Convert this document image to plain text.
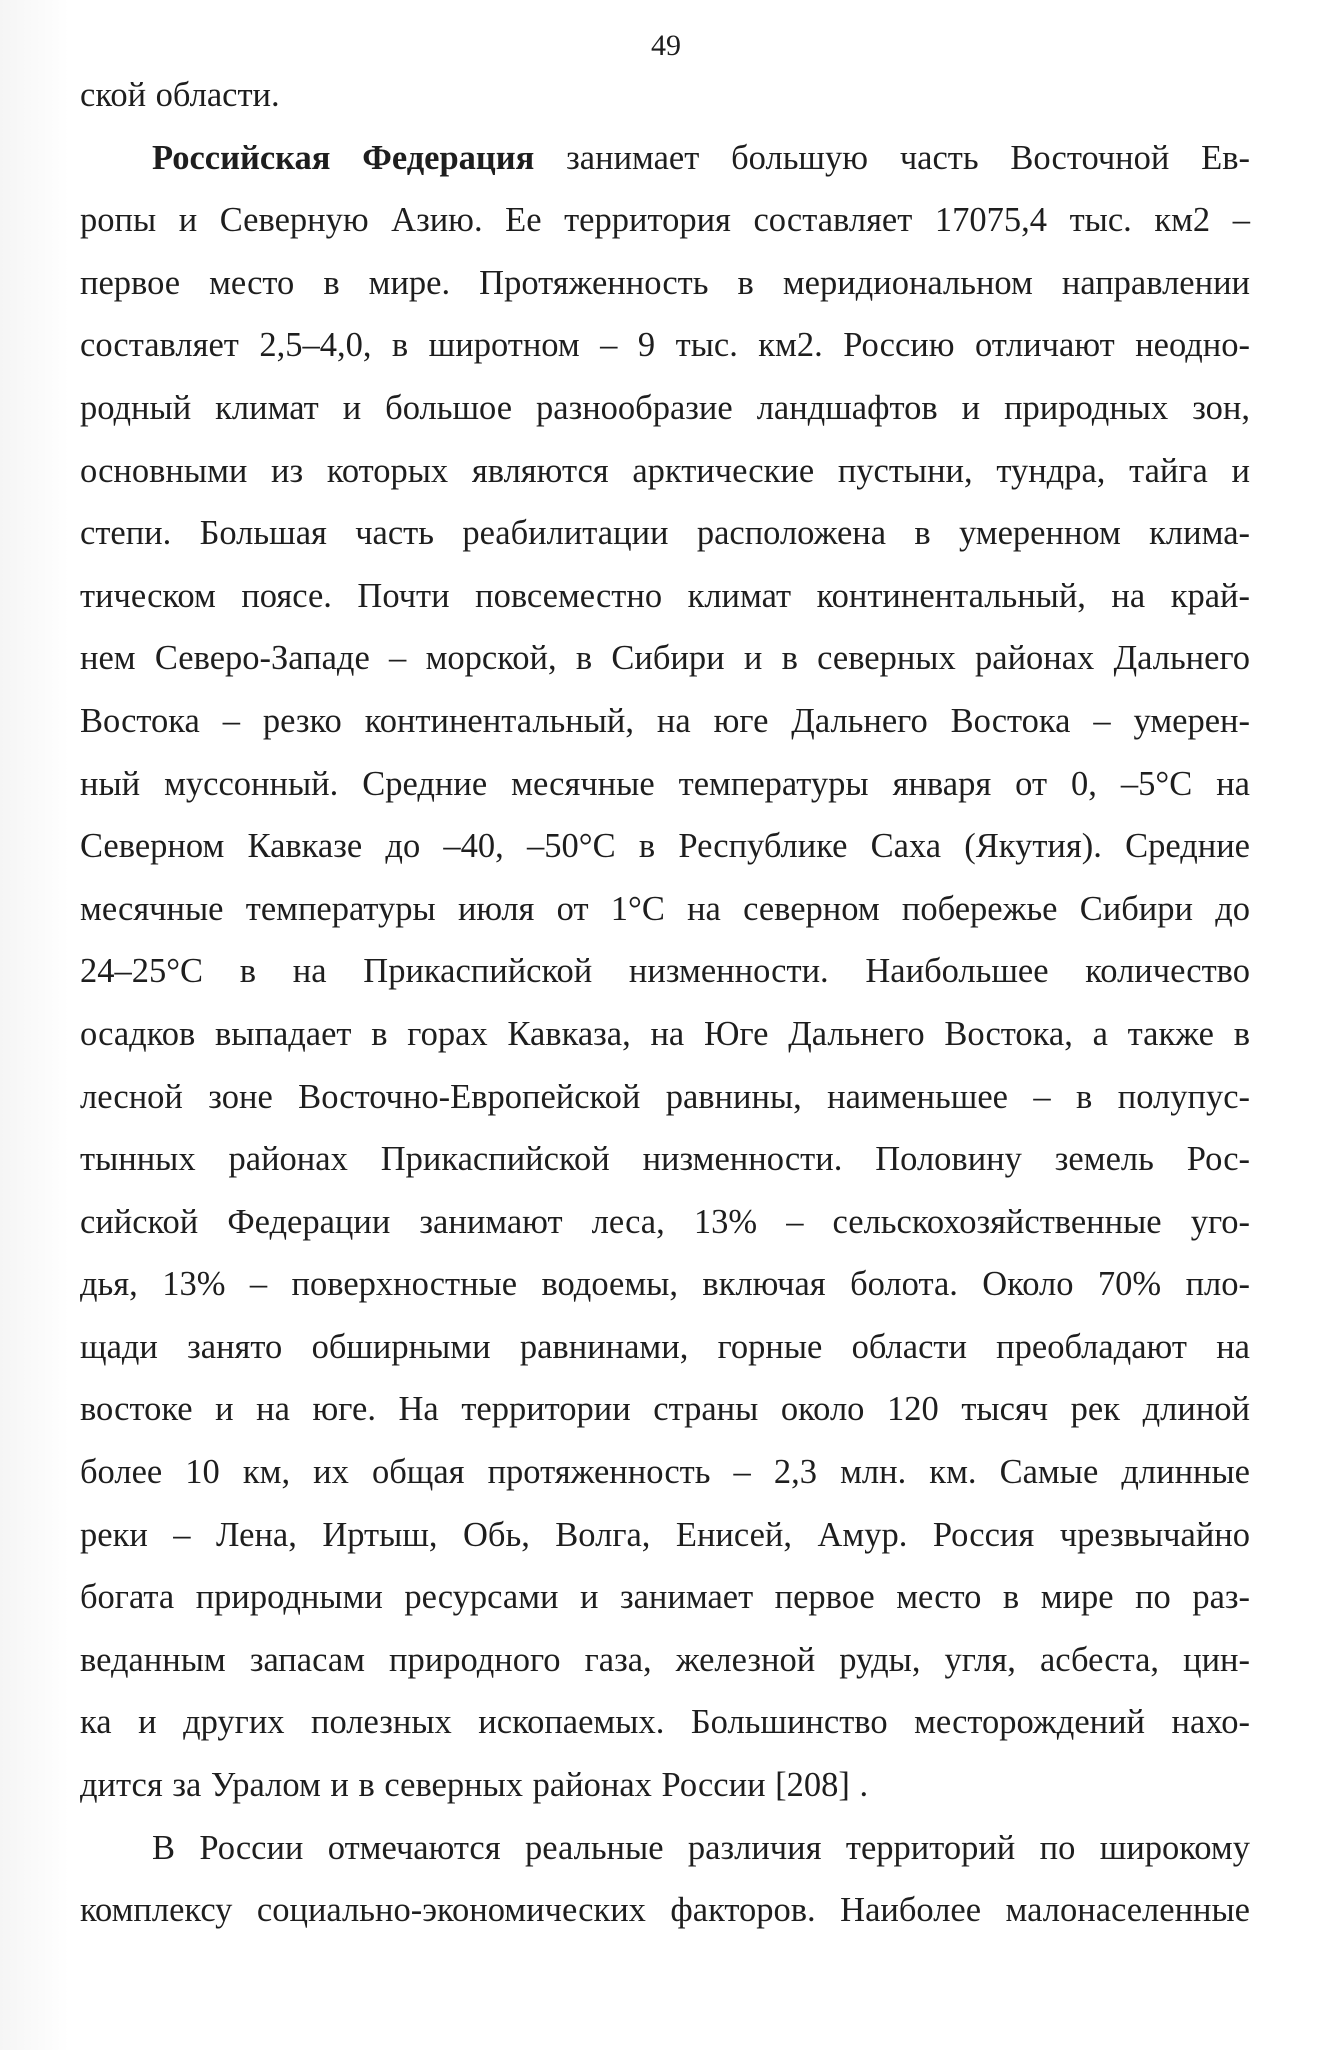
49
ской области.
Российская Федерация занимает большую часть Восточной Ев-
ропы и Северную Азию. Ее территория составляет 17075,4 тыс. км2 –
первое место в мире. Протяженность в меридиональном направлении
составляет 2,5–4,0, в широтном – 9 тыс. км2. Россию отличают неодно-
родный климат и большое разнообразие ландшафтов и природных зон,
основными из которых являются арктические пустыни, тундра, тайга и
степи. Большая часть реабилитации расположена в умеренном клима-
тическом поясе. Почти повсеместно климат континентальный, на край-
нем Северо-Западе – морской, в Сибири и в северных районах Дальнего
Востока – резко континентальный, на юге Дальнего Востока – умерен-
ный муссонный. Средние месячные температуры января от 0, –5°С на
Северном Кавказе до –40, –50°С в Республике Саха (Якутия). Средние
месячные температуры июля от 1°С на северном побережье Сибири до
24–25°С в на Прикаспийской низменности. Наибольшее количество
осадков выпадает в горах Кавказа, на Юге Дальнего Востока, а также в
лесной зоне Восточно-Европейской равнины, наименьшее – в полупус-
тынных районах Прикаспийской низменности. Половину земель Рос-
сийской Федерации занимают леса, 13% – сельскохозяйственные уго-
дья, 13% – поверхностные водоемы, включая болота. Около 70% пло-
щади занято обширными равнинами, горные области преобладают на
востоке и на юге. На территории страны около 120 тысяч рек длиной
более 10 км, их общая протяженность – 2,3 млн. км. Самые длинные
реки – Лена, Иртыш, Обь, Волга, Енисей, Амур. Россия чрезвычайно
богата природными ресурсами и занимает первое место в мире по раз-
веданным запасам природного газа, железной руды, угля, асбеста, цин-
ка и других полезных ископаемых. Большинство месторождений нахо-
дится за Уралом и в северных районах России [208] .
В России отмечаются реальные различия территорий по широкому
комплексу социально-экономических факторов. Наиболее малонаселенные
